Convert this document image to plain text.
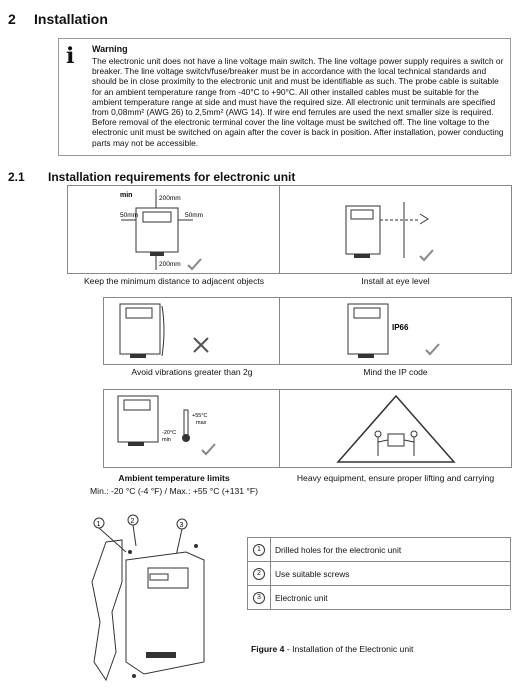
2 Installation
ℹ Warning
The electronic unit does not have a line voltage main switch. The line voltage power supply requires a switch or breaker. The line voltage switch/fuse/breaker must be in accordance with the local technical standards and should be in close proximity to the electronic unit and must be identifiable as such. The probe cable is suitable for an ambient temperature range from -40°C to +90°C. All other installed cables must be suitable for the ambient temperature range at side and must have the required size. All electronic unit terminals are specified from 0,08mm² (AWG 26) to 2,5mm² (AWG 14). If wire end ferrules are used the next smaller size is required. Before removal of the electronic terminal cover the line voltage must be switched off. The line voltage to the electronic unit must be switched on again after the cover is back in position. After installation, power conducting parts may not be accessible.
2.1 Installation requirements for electronic unit
min	200mm
50mm	50mm
200mm
Keep the minimum distance to adjacent objects	Install at eye level
Avoid vibrations greater than 2g
IP66
Mind the IP code
+55°C
max
-20°C
min
Ambient temperature limits
Min.: -20 °C (-4 °F) / Max.: +55 °C (+131 °F)
Heavy equipment, ensure proper lifting and carrying
1	2
3
1	Drilled holes for the electronic unit
2	Use suitable screws
3	Electronic unit
Figure 4 - Installation of the Electronic unit
